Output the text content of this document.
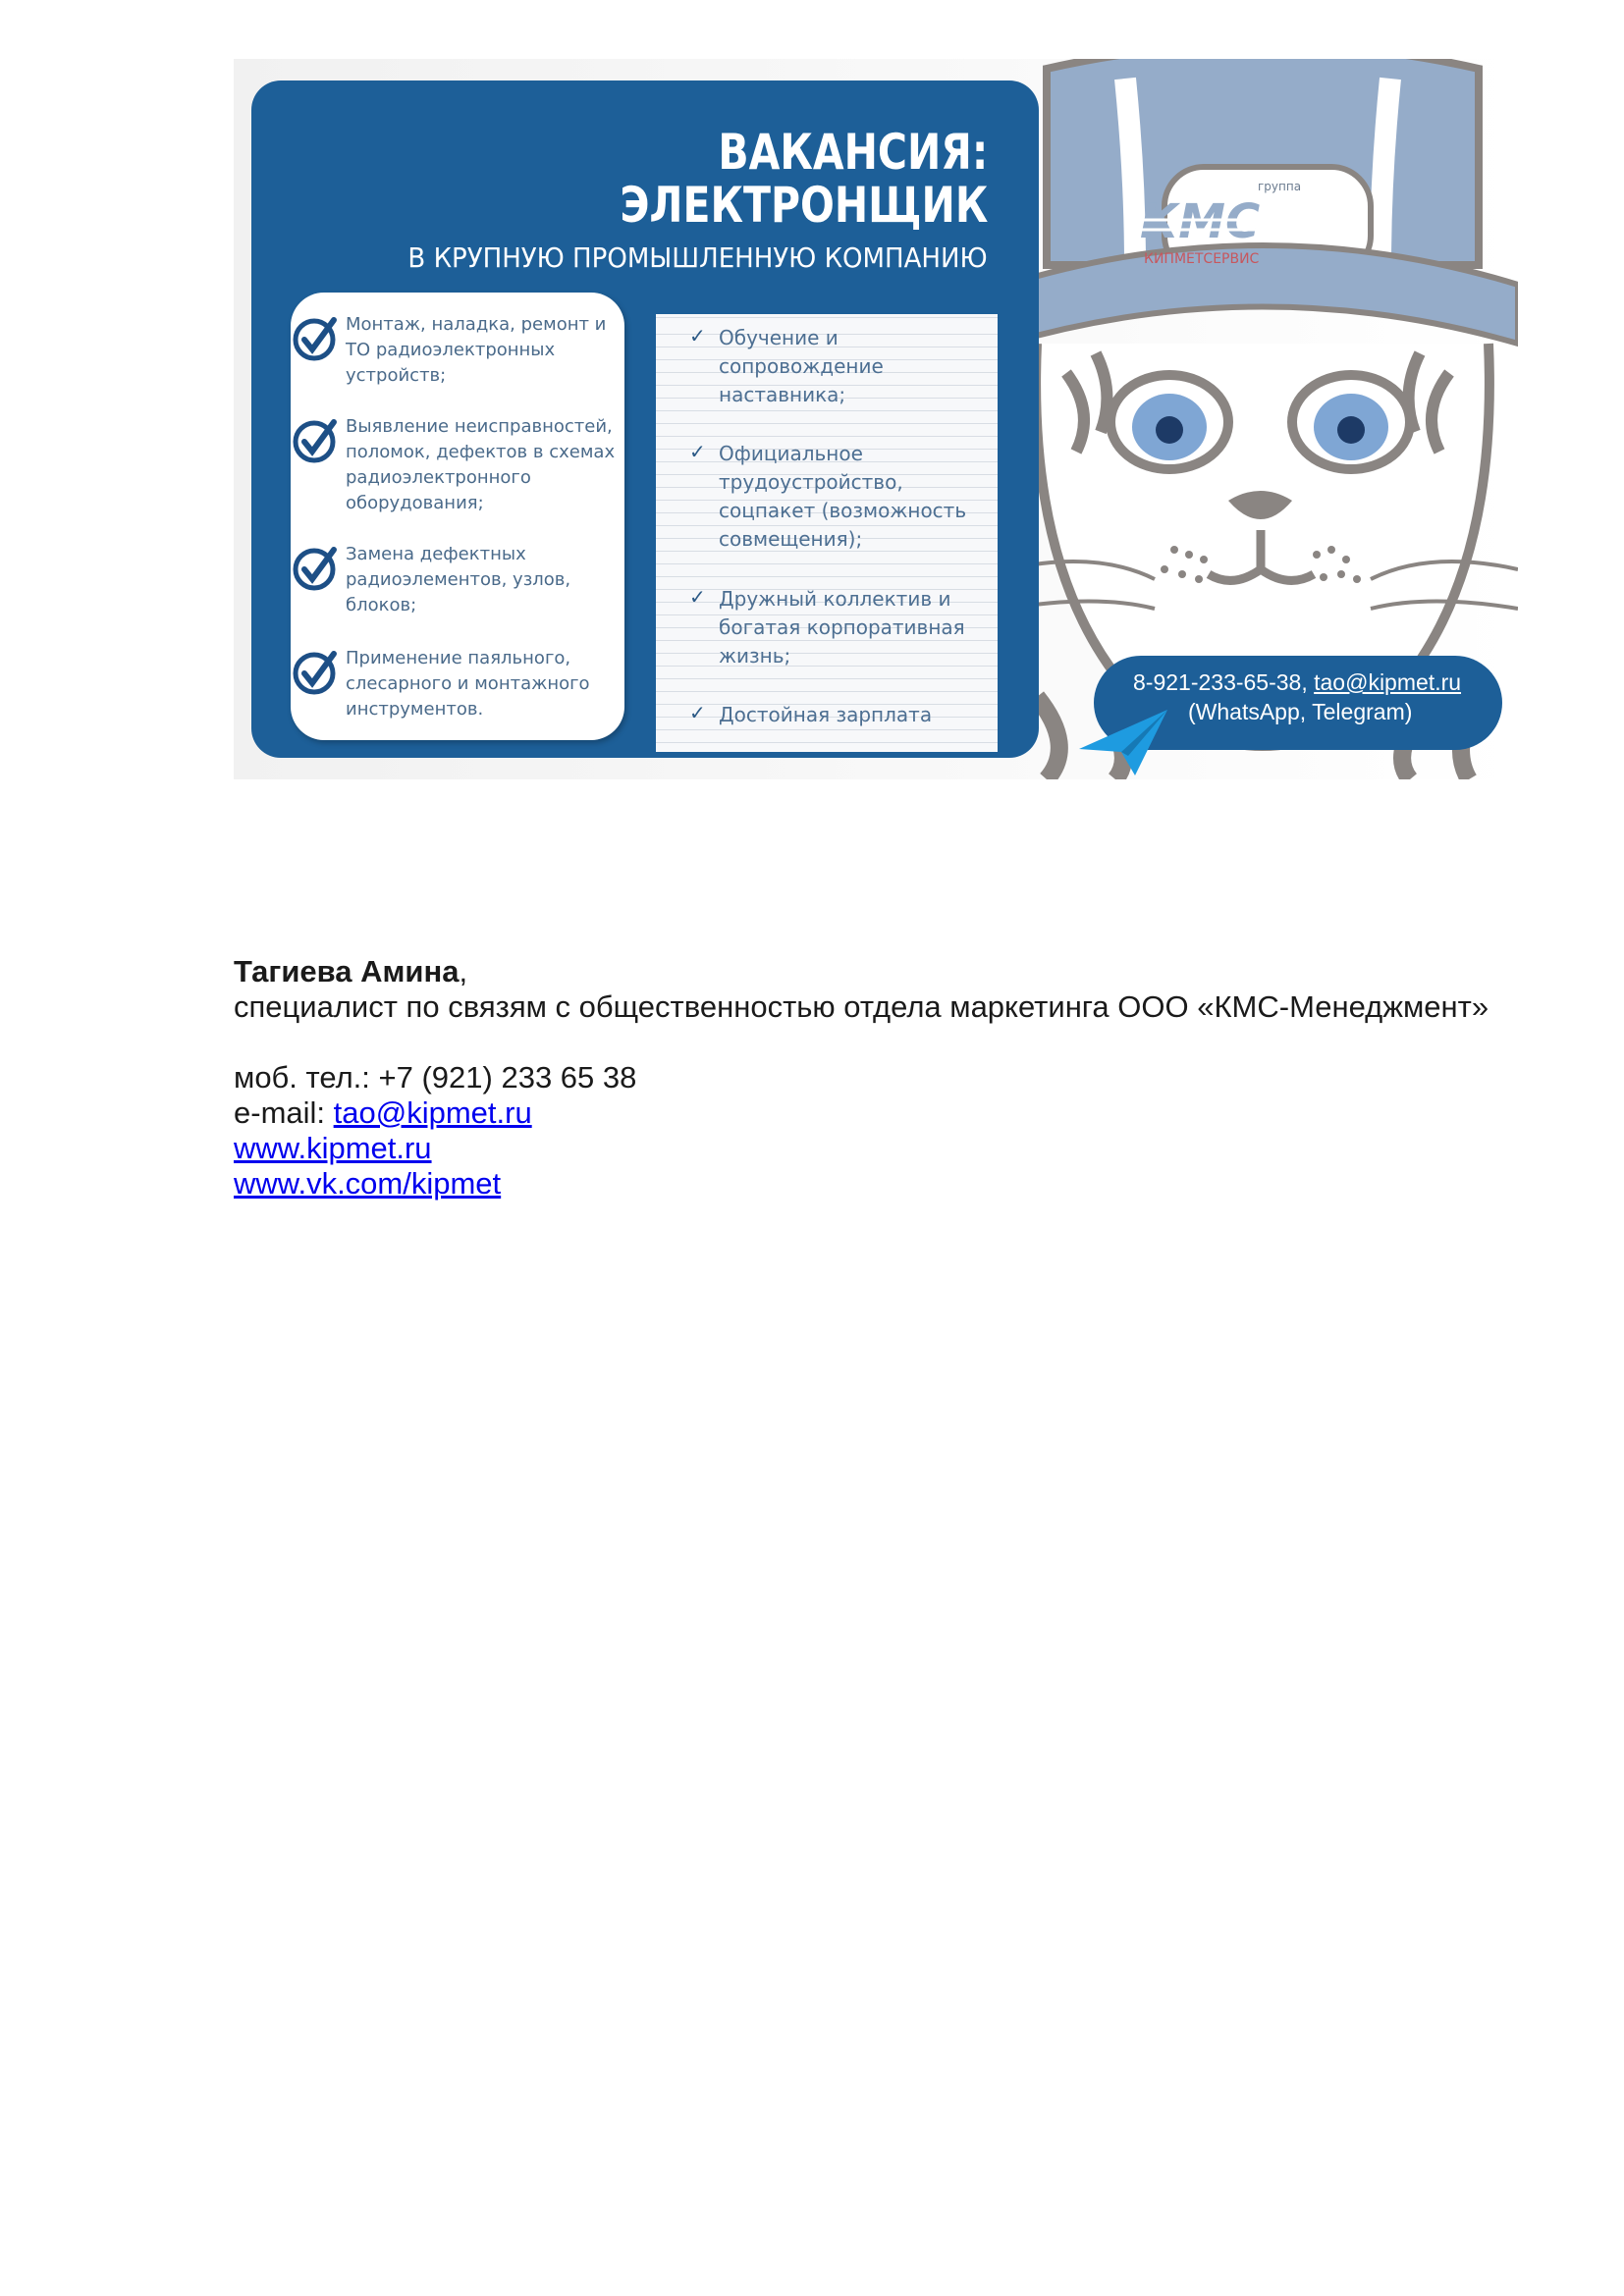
ВАКАНСИЯ:
ЭЛЕКТРОНЩИК
В КРУПНУЮ ПРОМЫШЛЕННУЮ КОМПАНИЮ
Монтаж, наладка, ремонт и ТО радиоэлектронных устройств;
Выявление неисправностей, поломок, дефектов в схемах радиоэлектронного оборудования;
Замена дефектных радиоэлементов, узлов, блоков;
Применение паяльного, слесарного и монтажного инструментов.
✓ Обучение и сопровождение наставника;
✓ Официальное трудоустройство, соцпакет (возможность совмещения);
✓ Дружный коллектив и богатая корпоративная жизнь;
✓ Достойная зарплата
группа
КМС
КИПМЕТСЕРВИС
8-921-233-65-38, tao@kipmet.ru
(WhatsApp, Telegram)
Тагиева Амина,
специалист по связям с общественностью отдела маркетинга ООО «КМС-Менеджмент»
моб. тел.: +7 (921) 233 65 38
e-mail: tao@kipmet.ru
www.kipmet.ru
www.vk.com/kipmet
